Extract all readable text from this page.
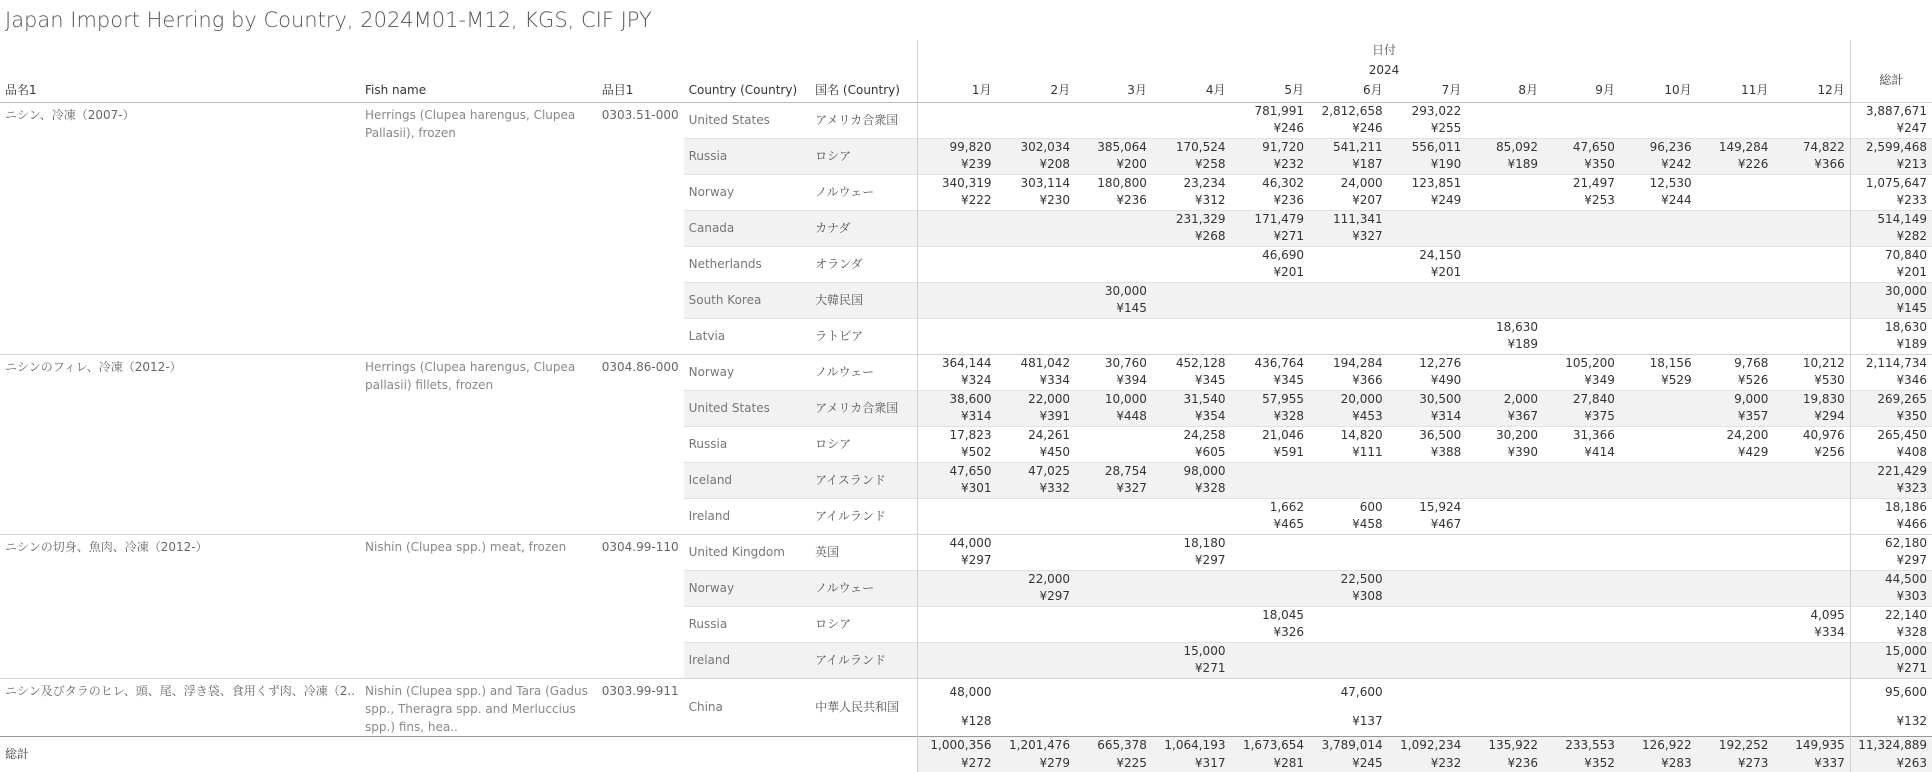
Japan Import Herring by Country, 2024M01-M12, KGS, CIF JPY
					日付												
					2024												総計
品名1	Fish name	品目1	Country (Country)	国名 (Country)	1月	2月	3月	4月	5月	6月	7月	8月	9月	10月	11月	12月	
ニシン、冷凍（2007-）	Herrings (Clupea harengus, Clupea Pallasii), frozen	0303.51-000	United States	アメリカ合衆国					781,991	2,812,658	293,022						3,887,671
									¥246	¥246	¥255						¥247
			Russia	ロシア	99,820	302,034	385,064	170,524	91,720	541,211	556,011	85,092	47,650	96,236	149,284	74,822	2,599,468
					¥239	¥208	¥200	¥258	¥232	¥187	¥190	¥189	¥350	¥242	¥226	¥366	¥213
			Norway	ノルウェー	340,319	303,114	180,800	23,234	46,302	24,000	123,851		21,497	12,530			1,075,647
					¥222	¥230	¥236	¥312	¥236	¥207	¥249		¥253	¥244			¥233
			Canada	カナダ				231,329	171,479	111,341							514,149
								¥268	¥271	¥327							¥282
			Netherlands	オランダ					46,690		24,150						70,840
									¥201		¥201						¥201
			South Korea	大韓民国			30,000										30,000
							¥145										¥145
			Latvia	ラトビア								18,630					18,630
												¥189					¥189
ニシンのフィレ、冷凍（2012-）	Herrings (Clupea harengus, Clupea pallasii) fillets, frozen	0304.86-000	Norway	ノルウェー	364,144	481,042	30,760	452,128	436,764	194,284	12,276		105,200	18,156	9,768	10,212	2,114,734
					¥324	¥334	¥394	¥345	¥345	¥366	¥490		¥349	¥529	¥526	¥530	¥346
			United States	アメリカ合衆国	38,600	22,000	10,000	31,540	57,955	20,000	30,500	2,000	27,840		9,000	19,830	269,265
					¥314	¥391	¥448	¥354	¥328	¥453	¥314	¥367	¥375		¥357	¥294	¥350
			Russia	ロシア	17,823	24,261		24,258	21,046	14,820	36,500	30,200	31,366		24,200	40,976	265,450
					¥502	¥450		¥605	¥591	¥111	¥388	¥390	¥414		¥429	¥256	¥408
			Iceland	アイスランド	47,650	47,025	28,754	98,000									221,429
					¥301	¥332	¥327	¥328									¥323
			Ireland	アイルランド					1,662	600	15,924						18,186
									¥465	¥458	¥467						¥466
ニシンの切身、魚肉、冷凍（2012-）	Nishin (Clupea spp.) meat, frozen	0304.99-110	United Kingdom	英国	44,000			18,180									62,180
					¥297			¥297									¥297
			Norway	ノルウェー		22,000				22,500							44,500
						¥297				¥308							¥303
			Russia	ロシア					18,045							4,095	22,140
									¥326							¥334	¥328
			Ireland	アイルランド				15,000									15,000
								¥271									¥271
ニシン及びタラのヒレ、頭、尾、浮き袋、食用くず肉、冷凍（2..	Nishin (Clupea spp.) and Tara (Gadus spp., Theragra spp. and Merluccius spp.) fins, hea..	0303.99-911	China	中華人民共和国	48,000					47,600							95,600
					¥128					¥137							¥132
総計					1,000,356	1,201,476	665,378	1,064,193	1,673,654	3,789,014	1,092,234	135,922	233,553	126,922	192,252	149,935	11,324,889
					¥272	¥279	¥225	¥317	¥281	¥245	¥232	¥236	¥352	¥283	¥273	¥337	¥263
